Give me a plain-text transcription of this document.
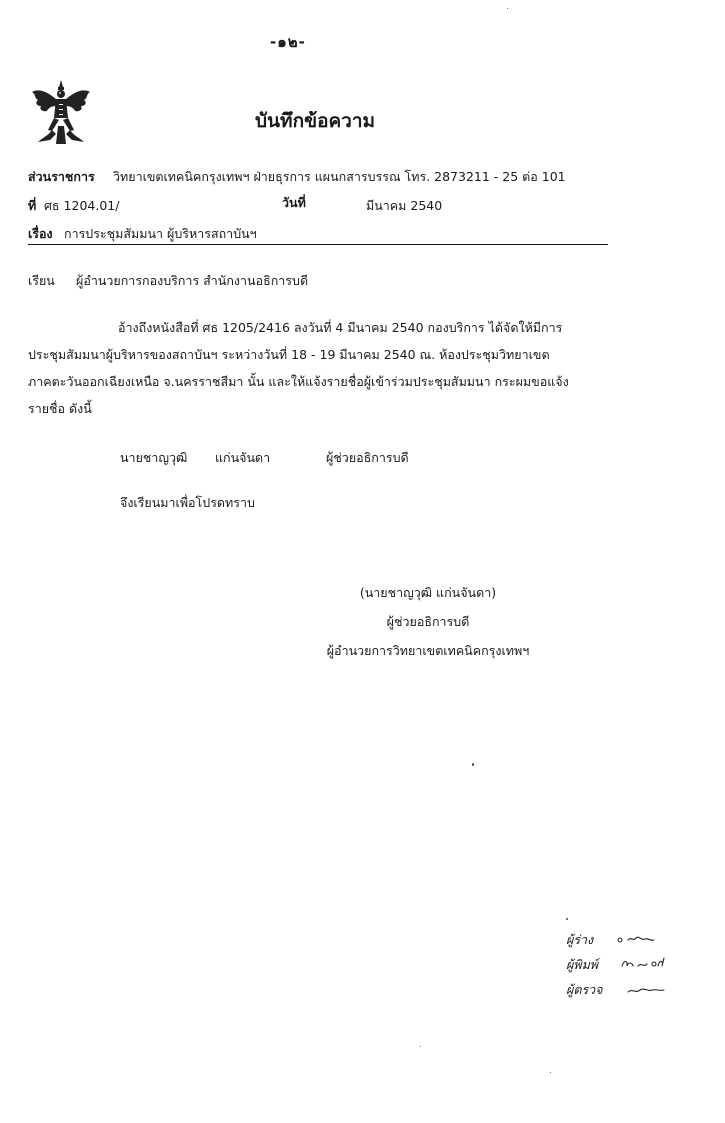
-๑๒-
บันทึกข้อความ
ส่วนราชการ วิทยาเขตเทคนิคกรุงเทพฯ ฝ่ายธุรการ แผนกสารบรรณ โทร. 2873211 - 25 ต่อ 101
ที่ ศธ 1204.01/	วันที่	มีนาคม 2540
เรื่อง การประชุมสัมมนา ผู้บริหารสถาบันฯ
เรียน ผู้อำนวยการกองบริการ สำนักงานอธิการบดี
อ้างถึงหนังสือที่ ศธ 1205/2416 ลงวันที่ 4 มีนาคม 2540 กองบริการ ได้จัดให้มีการ
ประชุมสัมมนาผู้บริหารของสถาบันฯ ระหว่างวันที่ 18 - 19 มีนาคม 2540 ณ. ห้องประชุมวิทยาเขต
ภาคตะวันออกเฉียงเหนือ จ.นครราชสีมา นั้น และให้แจ้งรายชื่อผู้เข้าร่วมประชุมสัมมนา กระผมขอแจ้ง
รายชื่อ ดังนี้
นายชาญวุฒิ แก่นจันดา	ผู้ช่วยอธิการบดี
จึงเรียนมาเพื่อโปรดทราบ
(นายชาญวุฒิ แก่นจันดา)
ผู้ช่วยอธิการบดี
ผู้อำนวยการวิทยาเขตเทคนิคกรุงเทพฯ
ผู้ร่าง
ผู้พิมพ์
ผู้ตรวจ
